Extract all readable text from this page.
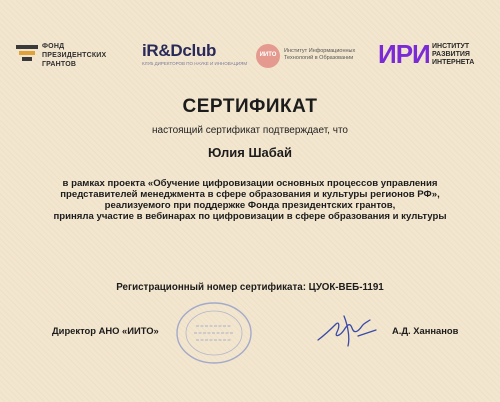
ФОНД
ПРЕЗИДЕНТСКИХ
ГРАНТОВ
iR&Dclub
КЛУБ ДИРЕКТОРОВ ПО НАУКЕ И ИННОВАЦИЯМ
ИИТО
Институт Информационных
Технологий в Образовании ИРИ ИНСТИТУТ
РАЗВИТИЯ
ИНТЕРНЕТА
СЕРТИФИКАТ
настоящий сертификат подтверждает, что
Юлия Шабай
в рамках проекта «Обучение цифровизации основных процессов управления
представителей менеджмента в сфере образования и культуры регионов РФ»,
реализуемого при поддержке Фонда президентских грантов,
приняла участие в вебинарах по цифровизации в сфере образования и культуры
Регистрационный номер сертификата: ЦУОК-ВЕБ-1191
Директор АНО «ИИТО»	А.Д. Ханнанов
